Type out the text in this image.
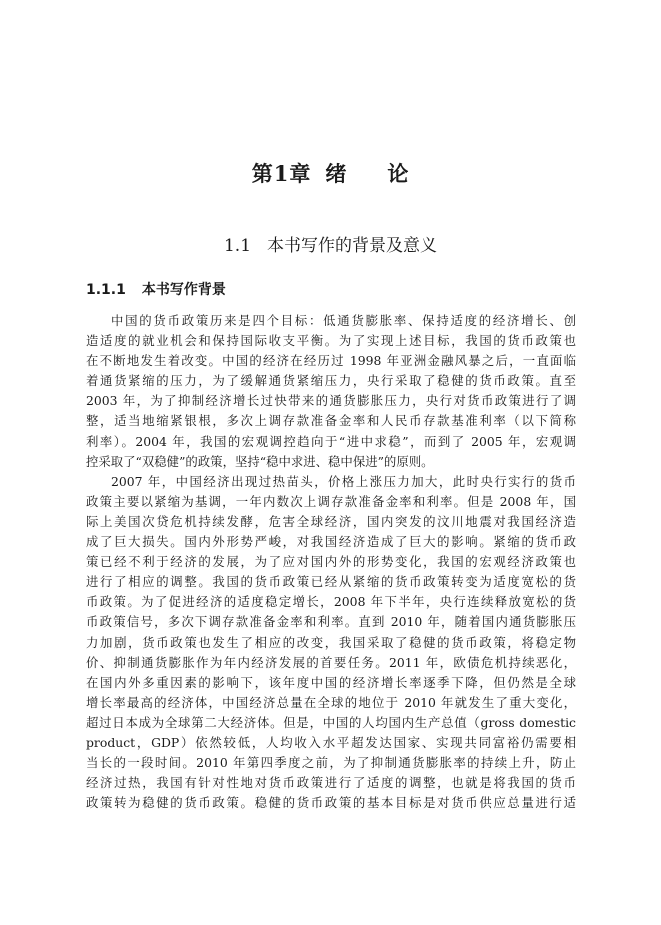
第1章 绪 论
1.1 本书写作的背景及意义
1.1.1 本书写作背景
中国的货币政策历来是四个目标：低通货膨胀率、保持适度的经济增长、创
造适度的就业机会和保持国际收支平衡。为了实现上述目标，我国的货币政策也
在不断地发生着改变。中国的经济在经历过 1998 年亚洲金融风暴之后，一直面临
着通货紧缩的压力，为了缓解通货紧缩压力，央行采取了稳健的货币政策。直至
2003 年，为了抑制经济增长过快带来的通货膨胀压力，央行对货币政策进行了调
整，适当地缩紧银根，多次上调存款准备金率和人民币存款基准利率（以下简称
利率）。2004 年，我国的宏观调控趋向于“进中求稳”，而到了 2005 年，宏观调
控采取了“双稳健”的政策，坚持“稳中求进、稳中保进”的原则。
2007 年，中国经济出现过热苗头，价格上涨压力加大，此时央行实行的货币
政策主要以紧缩为基调，一年内数次上调存款准备金率和利率。但是 2008 年，国
际上美国次贷危机持续发酵，危害全球经济，国内突发的汶川地震对我国经济造
成了巨大损失。国内外形势严峻，对我国经济造成了巨大的影响。紧缩的货币政
策已经不利于经济的发展，为了应对国内外的形势变化，我国的宏观经济政策也
进行了相应的调整。我国的货币政策已经从紧缩的货币政策转变为适度宽松的货
币政策。为了促进经济的适度稳定增长，2008 年下半年，央行连续释放宽松的货
币政策信号，多次下调存款准备金率和利率。直到 2010 年，随着国内通货膨胀压
力加剧，货币政策也发生了相应的改变，我国采取了稳健的货币政策，将稳定物
价、抑制通货膨胀作为年内经济发展的首要任务。2011 年，欧债危机持续恶化，
在国内外多重因素的影响下，该年度中国的经济增长率逐季下降，但仍然是全球
增长率最高的经济体，中国经济总量在全球的地位于 2010 年就发生了重大变化，
超过日本成为全球第二大经济体。但是，中国的人均国内生产总值（gross domestic
product，GDP）依然较低，人均收入水平超发达国家、实现共同富裕仍需要相
当长的一段时间。2010 年第四季度之前，为了抑制通货膨胀率的持续上升，防止
经济过热，我国有针对性地对货币政策进行了适度的调整，也就是将我国的货币
政策转为稳健的货币政策。稳健的货币政策的基本目标是对货币供应总量进行适
